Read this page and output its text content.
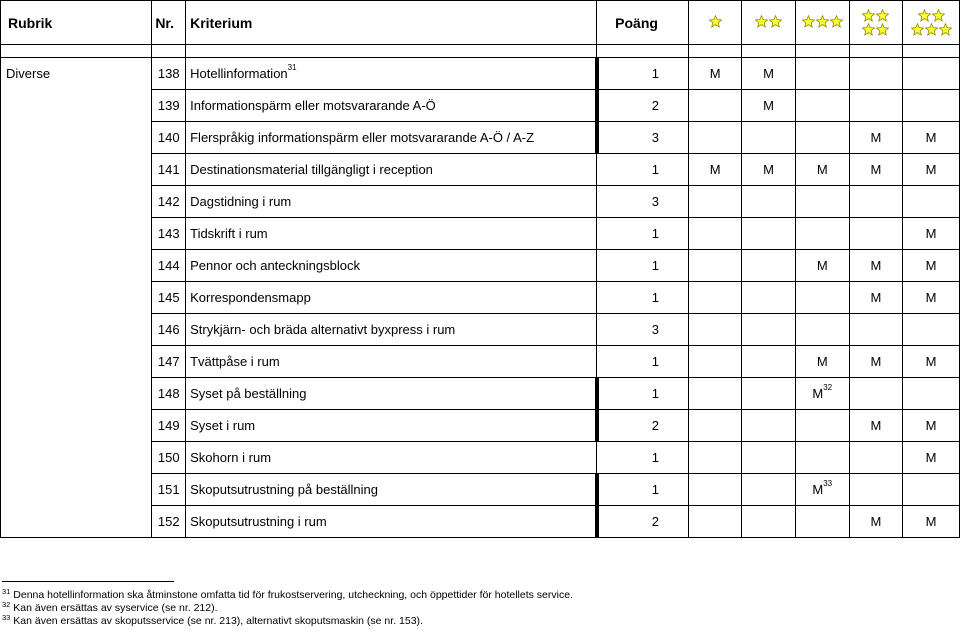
Rubrik	Nr.	Kriterium	Poäng	

Diverse	138	Hotellinformation$^{31}$	1	M	M			
	139	Informationspärm eller motsvararande A-Ö	2		M			
	140	Flerspråkig informationspärm eller motsvararande A-Ö / A-Z	3				M	M
	141	Destinationsmaterial tillgängligt i reception	1	M	M	M	M	M
	142	Dagstidning i rum	3					
	143	Tidskrift i rum	1					M
	144	Pennor och anteckningsblock	1			M	M	M
	145	Korrespondensmapp	1				M	M
	146	Strykjärn- och bräda alternativt byxpress i rum	3					
	147	Tvättpåse i rum	1			M	M	M
	148	Syset på beställning	1			$M^{32}$		
	149	Syset i rum	2				M	M
	150	Skohorn i rum	1					M
	151	Skoputsutrustning på beställning	1			$M^{33}$		
	152	Skoputsutrustning i rum	2				M	M
$^{31}$ Denna hotellinformation ska åtminstone omfatta tid för frukostservering, utcheckning, och öppettider för hotellets service.
$^{32}$ Kan även ersättas av syservice (se nr. 212).
$^{33}$ Kan även ersättas av skoputsservice (se nr. 213), alternativt skoputsmaskin (se nr. 153).
